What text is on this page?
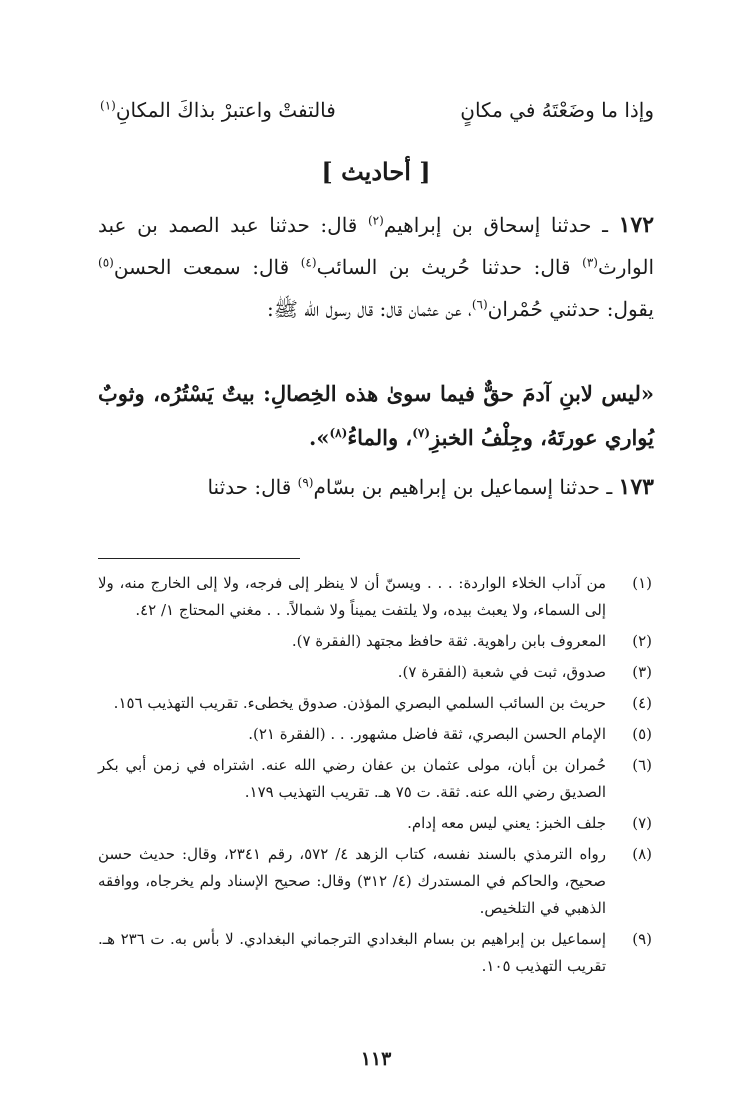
وإذا ما وضَعْتَهُ في مكانٍ
فالتفتْ واعتبرْ بذاكَ المكانِ$^{(١)}$
[ أحاديث ]
١٧٢ ـ حدثنا إسحاق بن إبراهيم$^{(٢)}$ قال: حدثنا عبد الصمد بن عبد الوارث$^{(٣)}$ قال: حدثنا حُريث بن السائب$^{(٤)}$ قال: سمعت الحسن$^{(٥)}$ يقول: حدثني حُمْران$^{(٦)}$، عن عثمان قال: قال رسول الله ﷺ:
«ليس لابنِ آدمَ حقٌّ فيما سوىٰ هذه الخِصالِ: بيتٌ يَسْتُرُه، وثوبٌ يُواري عورتَهُ، وجِلْفُ الخبزِ$^{(٧)}$، والماءُ$^{(٨)}$».
١٧٣ ـ حدثنا إسماعيل بن إبراهيم بن بسّام$^{(٩)}$ قال: حدثنا
(١)
من آداب الخلاء الواردة: . . . ويسنّ أن لا ينظر إلى فرجه، ولا إلى الخارج منه، ولا إلى السماء، ولا يعبث بيده، ولا يلتفت يميناً ولا شمالاً. . . مغني المحتاج ١/ ٤٢.
(٢)
المعروف بابن راهوية. ثقة حافظ مجتهد (الفقرة ٧).
(٣)
صدوق، ثبت في شعبة (الفقرة ٧).
(٤)
حريث بن السائب السلمي البصري المؤذن. صدوق يخطىء. تقريب التهذيب ١٥٦.
(٥)
الإمام الحسن البصري، ثقة فاضل مشهور. . . (الفقرة ٢١).
(٦)
حُمران بن أبان، مولى عثمان بن عفان رضي الله عنه. اشتراه في زمن أبي بكر الصديق رضي الله عنه. ثقة. ت ٧٥ هـ. تقريب التهذيب ١٧٩.
(٧)
جلف الخبز: يعني ليس معه إدام.
(٨)
رواه الترمذي بالسند نفسه، كتاب الزهد ٤/ ٥٧٢، رقم ٢٣٤١، وقال: حديث حسن صحيح، والحاكم في المستدرك (٤/ ٣١٢) وقال: صحيح الإسناد ولم يخرجاه، ووافقه الذهبي في التلخيص.
(٩)
إسماعيل بن إبراهيم بن بسام البغدادي الترجماني البغدادي. لا بأس به. ت ٢٣٦ هـ. تقريب التهذيب ١٠٥.
١١٣
